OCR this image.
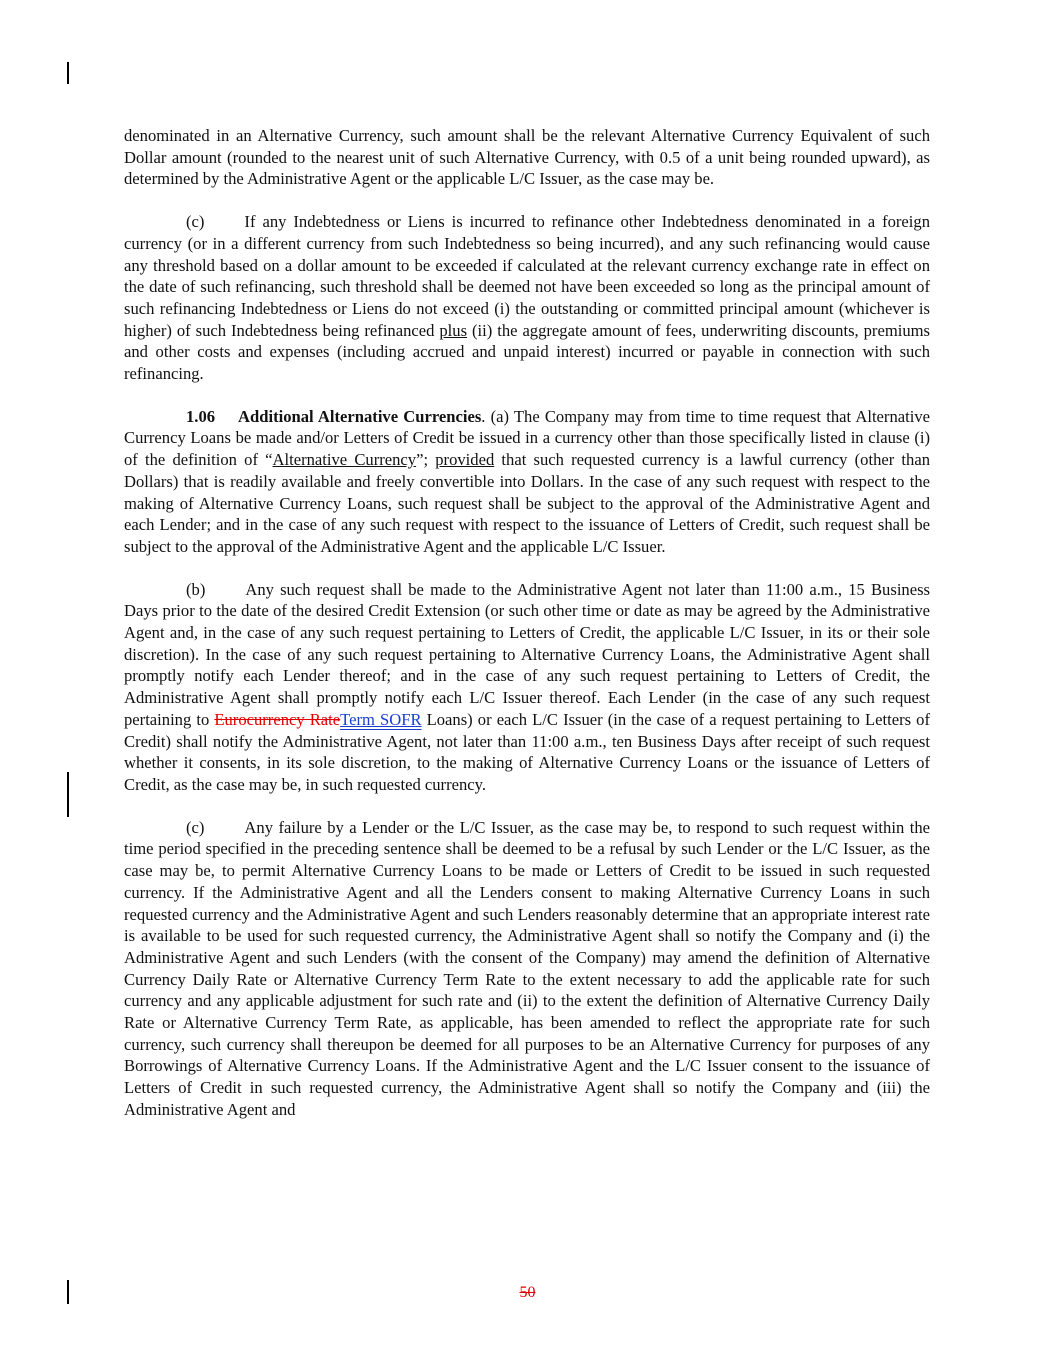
denominated in an Alternative Currency, such amount shall be the relevant Alternative Currency Equivalent of such Dollar amount (rounded to the nearest unit of such Alternative Currency, with 0.5 of a unit being rounded upward), as determined by the Administrative Agent or the applicable L/C Issuer, as the case may be.

(c) If any Indebtedness or Liens is incurred to refinance other Indebtedness denominated in a foreign currency (or in a different currency from such Indebtedness so being incurred), and any such refinancing would cause any threshold based on a dollar amount to be exceeded if calculated at the relevant currency exchange rate in effect on the date of such refinancing, such threshold shall be deemed not have been exceeded so long as the principal amount of such refinancing Indebtedness or Liens do not exceed (i) the outstanding or committed principal amount (whichever is higher) of such Indebtedness being refinanced plus (ii) the aggregate amount of fees, underwriting discounts, premiums and other costs and expenses (including accrued and unpaid interest) incurred or payable in connection with such refinancing.

1.06 Additional Alternative Currencies. (a) The Company may from time to time request that Alternative Currency Loans be made and/or Letters of Credit be issued in a currency other than those specifically listed in clause (i) of the definition of “Alternative Currency”; provided that such requested currency is a lawful currency (other than Dollars) that is readily available and freely convertible into Dollars. In the case of any such request with respect to the making of Alternative Currency Loans, such request shall be subject to the approval of the Administrative Agent and each Lender; and in the case of any such request with respect to the issuance of Letters of Credit, such request shall be subject to the approval of the Administrative Agent and the applicable L/C Issuer.

(b) Any such request shall be made to the Administrative Agent not later than 11:00 a.m., 15 Business Days prior to the date of the desired Credit Extension (or such other time or date as may be agreed by the Administrative Agent and, in the case of any such request pertaining to Letters of Credit, the applicable L/C Issuer, in its or their sole discretion). In the case of any such request pertaining to Alternative Currency Loans, the Administrative Agent shall promptly notify each Lender thereof; and in the case of any such request pertaining to Letters of Credit, the Administrative Agent shall promptly notify each L/C Issuer thereof. Each Lender (in the case of any such request pertaining to Eurocurrency RateTerm SOFR Loans) or each L/C Issuer (in the case of a request pertaining to Letters of Credit) shall notify the Administrative Agent, not later than 11:00 a.m., ten Business Days after receipt of such request whether it consents, in its sole discretion, to the making of Alternative Currency Loans or the issuance of Letters of Credit, as the case may be, in such requested currency.

(c) Any failure by a Lender or the L/C Issuer, as the case may be, to respond to such request within the time period specified in the preceding sentence shall be deemed to be a refusal by such Lender or the L/C Issuer, as the case may be, to permit Alternative Currency Loans to be made or Letters of Credit to be issued in such requested currency. If the Administrative Agent and all the Lenders consent to making Alternative Currency Loans in such requested currency and the Administrative Agent and such Lenders reasonably determine that an appropriate interest rate is available to be used for such requested currency, the Administrative Agent shall so notify the Company and (i) the Administrative Agent and such Lenders (with the consent of the Company) may amend the definition of Alternative Currency Daily Rate or Alternative Currency Term Rate to the extent necessary to add the applicable rate for such currency and any applicable adjustment for such rate and (ii) to the extent the definition of Alternative Currency Daily Rate or Alternative Currency Term Rate, as applicable, has been amended to reflect the appropriate rate for such currency, such currency shall thereupon be deemed for all purposes to be an Alternative Currency for purposes of any Borrowings of Alternative Currency Loans. If the Administrative Agent and the L/C Issuer consent to the issuance of Letters of Credit in such requested currency, the Administrative Agent shall so notify the Company and (iii) the Administrative Agent and

50
